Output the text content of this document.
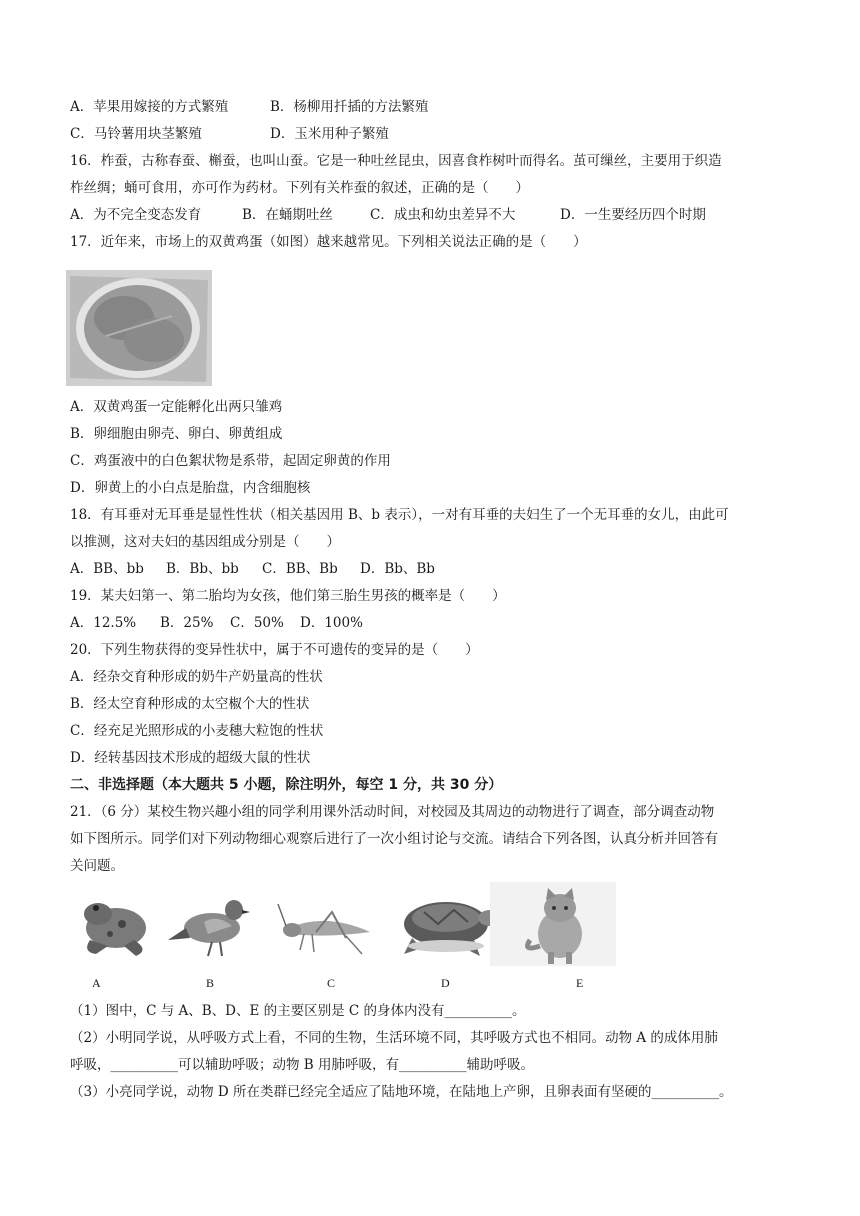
A．苹果用嫁接的方式繁殖	B．杨柳用扦插的方法繁殖
C．马铃薯用块茎繁殖	D．玉米用种子繁殖
16．柞蚕，古称春蚕、槲蚕，也叫山蚕。它是一种吐丝昆虫，因喜食柞树叶而得名。茧可缫丝，主要用于织造
柞丝绸；蛹可食用，亦可作为药材。下列有关柞蚕的叙述，正确的是（　　）
A．为不完全变态发育	B．在蛹期吐丝	C．成虫和幼虫差异不大	D．一生要经历四个时期
17．近年来，市场上的双黄鸡蛋（如图）越来越常见。下列相关说法正确的是（　　）
A．双黄鸡蛋一定能孵化出两只雏鸡
B．卵细胞由卵壳、卵白、卵黄组成
C．鸡蛋液中的白色絮状物是系带，起固定卵黄的作用
D．卵黄上的小白点是胎盘，内含细胞核
18．有耳垂对无耳垂是显性性状（相关基因用 B、b 表示），一对有耳垂的夫妇生了一个无耳垂的女儿，由此可
以推测，这对夫妇的基因组成分别是（　　）
A．BB、bb B．Bb、bb C．BB、Bb D．Bb、Bb
19．某夫妇第一、第二胎均为女孩，他们第三胎生男孩的概率是（　　）
A．12.5% B．25% C．50% D．100%
20．下列生物获得的变异性状中，属于不可遗传的变异的是（　　）
A．经杂交育种形成的奶牛产奶量高的性状
B．经太空育种形成的太空椒个大的性状
C．经充足光照形成的小麦穗大粒饱的性状
D．经转基因技术形成的超级大鼠的性状
二、非选择题（本大题共 5 小题，除注明外，每空 1 分，共 30 分）
21．（6 分）某校生物兴趣小组的同学利用课外活动时间，对校园及其周边的动物进行了调查，部分调查动物
如下图所示。同学们对下列动物细心观察后进行了一次小组讨论与交流。请结合下列各图，认真分析并回答有
关问题。
A	B	C	D	E
（1）图中，C 与 A、B、D、E 的主要区别是 C 的身体内没有__________。
（2）小明同学说，从呼吸方式上看，不同的生物，生活环境不同，其呼吸方式也不相同。动物 A 的成体用肺
呼吸，__________可以辅助呼吸；动物 B 用肺呼吸，有__________辅助呼吸。
（3）小亮同学说，动物 D 所在类群已经完全适应了陆地环境，在陆地上产卵，且卵表面有坚硬的__________。
